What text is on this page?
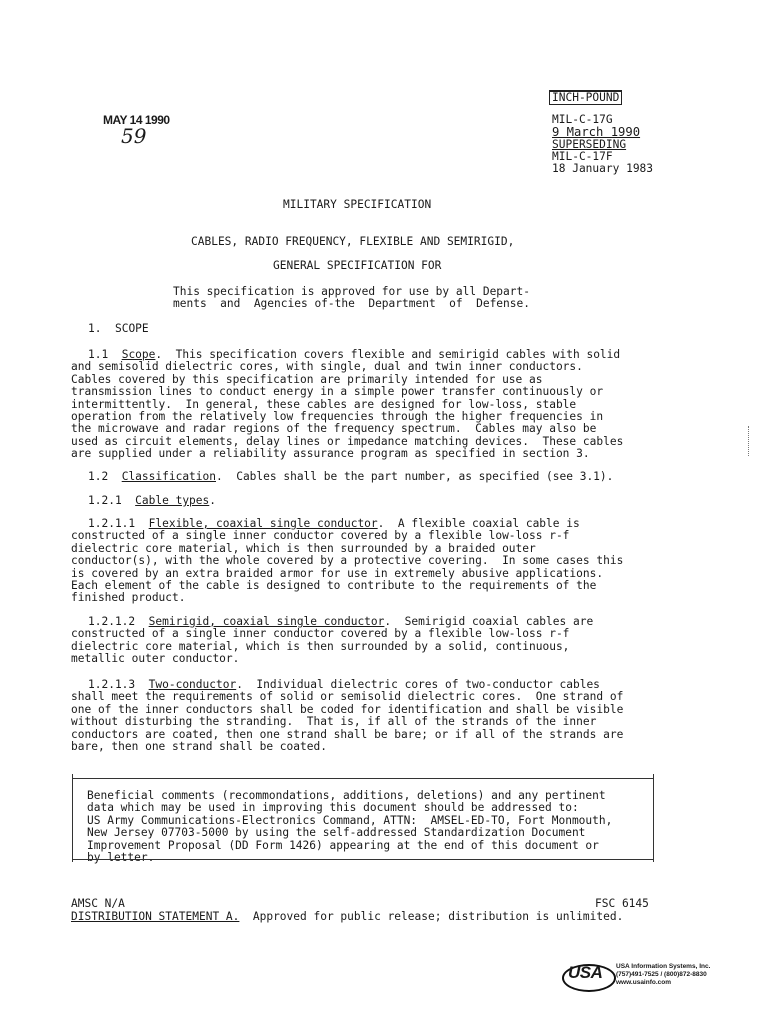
MAY 14 1990
59
INCH-POUND
MIL-C-17G
9 March 1990
SUPERSEDING
MIL-C-17F
18 January 1983
MILITARY SPECIFICATION
CABLES, RADIO FREQUENCY, FLEXIBLE AND SEMIRIGID,
GENERAL SPECIFICATION FOR
This specification is approved for use by all Depart-
ments  and  Agencies of-the  Department  of  Defense.
1. SCOPE
1.1 Scope.  This specification covers flexible and semirigid cables with solid
and semisolid dielectric cores, with single, dual and twin inner conductors.
Cables covered by this specification are primarily intended for use as
transmission lines to conduct energy in a simple power transfer continuously or
intermittently.  In general, these cables are designed for low-loss, stable
operation from the relatively low frequencies through the higher frequencies in
the microwave and radar regions of the frequency spectrum.  Cables may also be
used as circuit elements, delay lines or impedance matching devices.  These cables
are supplied under a reliability assurance program as specified in section 3.
1.2 Classification.  Cables shall be the part number, as specified (see 3.1).
1.2.1 Cable types.
1.2.1.1 Flexible, coaxial single conductor.  A flexible coaxial cable is
constructed of a single inner conductor covered by a flexible low-loss r-f
dielectric core material, which is then surrounded by a braided outer
conductor(s), with the whole covered by a protective covering.  In some cases this
is covered by an extra braided armor for use in extremely abusive applications.
Each element of the cable is designed to contribute to the requirements of the
finished product.
1.2.1.2 Semirigid, coaxial single conductor.  Semirigid coaxial cables are
constructed of a single inner conductor covered by a flexible low-loss r-f
dielectric core material, which is then surrounded by a solid, continuous,
metallic outer conductor.
1.2.1.3 Two-conductor.  Individual dielectric cores of two-conductor cables
shall meet the requirements of solid or semisolid dielectric cores.  One strand of
one of the inner conductors shall be coded for identification and shall be visible
without disturbing the stranding.  That is, if all of the strands of the inner
conductors are coated, then one strand shall be bare; or if all of the strands are
bare, then one strand shall be coated.
Beneficial comments (recommondations, additions, deletions) and any pertinent
data which may be used in improving this document should be addressed to:
US Army Communications-Electronics Command, ATTN:  AMSEL-ED-TO, Fort Monmouth,
New Jersey 07703-5000 by using the self-addressed Standardization Document
Improvement Proposal (DD Form 1426) appearing at the end of this document or
by letter.
AMSC N/A	FSC 6145
DISTRIBUTION STATEMENT A.  Approved for public release; distribution is unlimited.
USA USA Information Systems, Inc.
(757)491-7525 / (800)872-8830
www.usainfo.com
